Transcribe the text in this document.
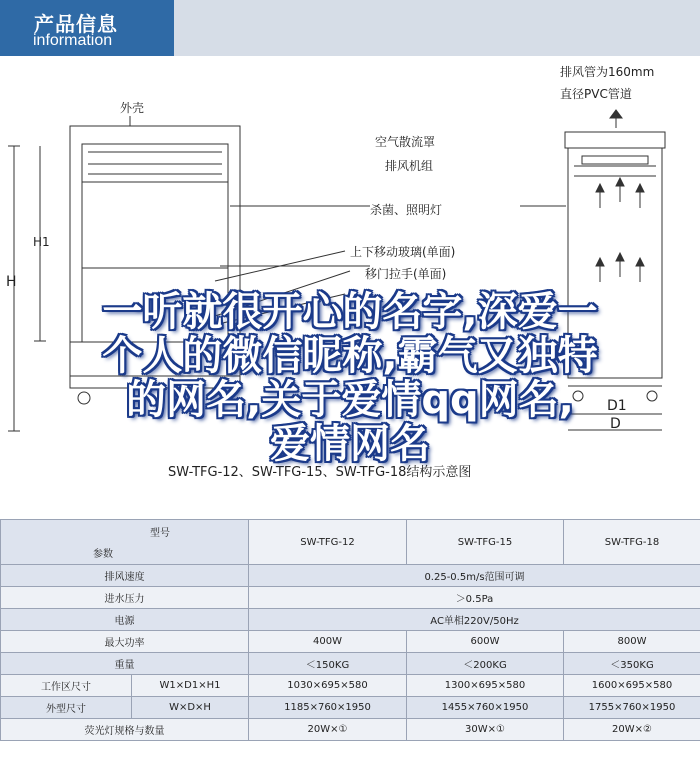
产品信息
information
外壳
排风管为160mm
直径PVC管道
空气散流罩
排风机组
杀菌、照明灯
上下移动玻璃(单面)
移门拉手(单面)
H
H1
D1
D
SW-TFG-12、SW-TFG-15、SW-TFG-18结构示意图
一听就很开心的名字,深爱一
个人的微信昵称,霸气又独特
的网名,关于爱情qq网名,
爱情网名
型号
参数		SW-TFG-12	SW-TFG-15	SW-TFG-18
排风速度		0.25-0.5m/s范围可调		
进水压力		＞0.5Pa		
电源		AC单相220V/50Hz		
最大功率		400W	600W	800W
重量		＜150KG	＜200KG	＜350KG
工作区尺寸	W1×D1×H1	1030×695×580	1300×695×580	1600×695×580
外型尺寸	W×D×H	1185×760×1950	1455×760×1950	1755×760×1950
荧光灯规格与数量		20W×①	30W×①	20W×②
